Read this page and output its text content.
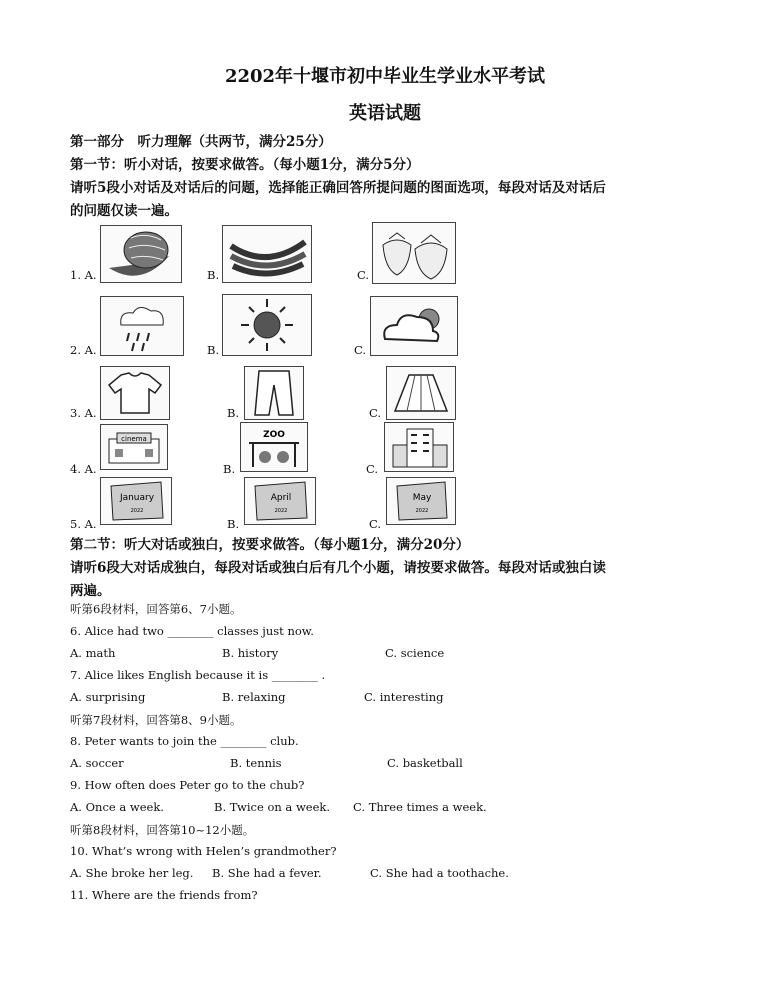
2202年十堰市初中毕业生学业水平考试
英语试题
第一部分　听力理解（共两节，满分25分）
第一节：听小对话，按要求做答。（每小题1分，满分5分）
请听5段小对话及对话后的问题，选择能正确回答所提问题的图面选项，每段对话及对话后
的问题仅读一遍。
1. A.	B.	C.
2. A.	B.	C.
3. A.	B.	C.
4. A.
cinema
B.
ZOO
C.
5. A.
January
2022
B.
April
2022
C.
May
2022
第二节：听大对话或独白，按要求做答。（每小题1分，满分20分）
请听6段大对话成独白，每段对话或独白后有几个小题，请按要求做答。每段对话或独白读
两遍。
听第6段材料，回答第6、7小题。
6. Alice had two ________ classes just now.
A. math	B. history	C. science
7. Alice likes English because it is ________ .
A. surprising	B. relaxing	C. interesting
听第7段材料，回答第8、9小题。
8. Peter wants to join the ________ club.
A. soccer	B. tennis	C. basketball
9. How often does Peter go to the chub?
A. Once a week.	B. Twice on a week. C. Three times a week.
听第8段材料，回答第10~12小题。
10. What’s wrong with Helen’s grandmother?
A. She broke her leg. B. She had a fever.	C. She had a toothache.
11. Where are the friends from?
